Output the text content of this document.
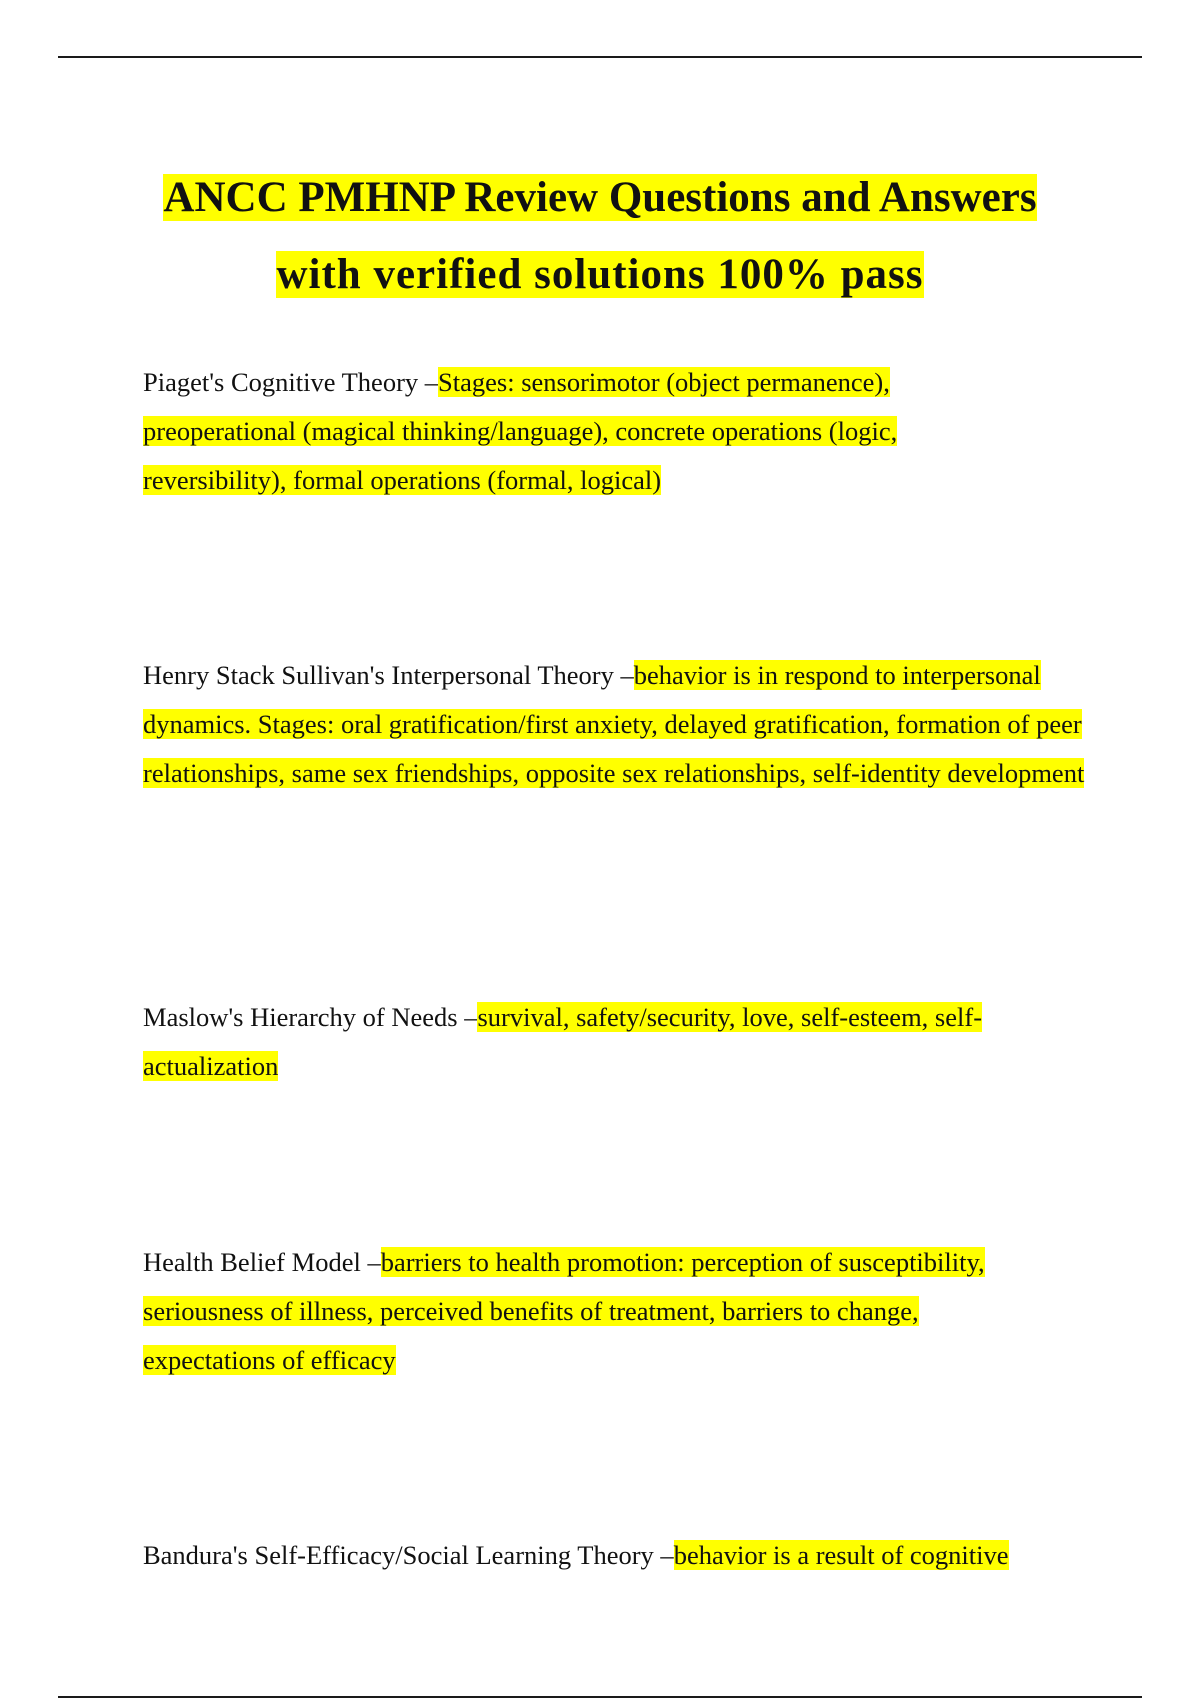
ANCC PMHNP Review Questions and Answers
with verified solutions 100% pass

Piaget's Cognitive Theory –Stages: sensorimotor (object permanence), preoperational (magical thinking/language), concrete operations (logic, reversibility), formal operations (formal, logical)

Henry Stack Sullivan's Interpersonal Theory –behavior is in respond to interpersonal dynamics. Stages: oral gratification/first anxiety, delayed gratification, formation of peer relationships, same sex friendships, opposite sex relationships, self-identity development

Maslow's Hierarchy of Needs –survival, safety/security, love, self-esteem, self-actualization

Health Belief Model –barriers to health promotion: perception of susceptibility, seriousness of illness, perceived benefits of treatment, barriers to change, expectations of efficacy

Bandura's Self-Efficacy/Social Learning Theory –behavior is a result of cognitive
